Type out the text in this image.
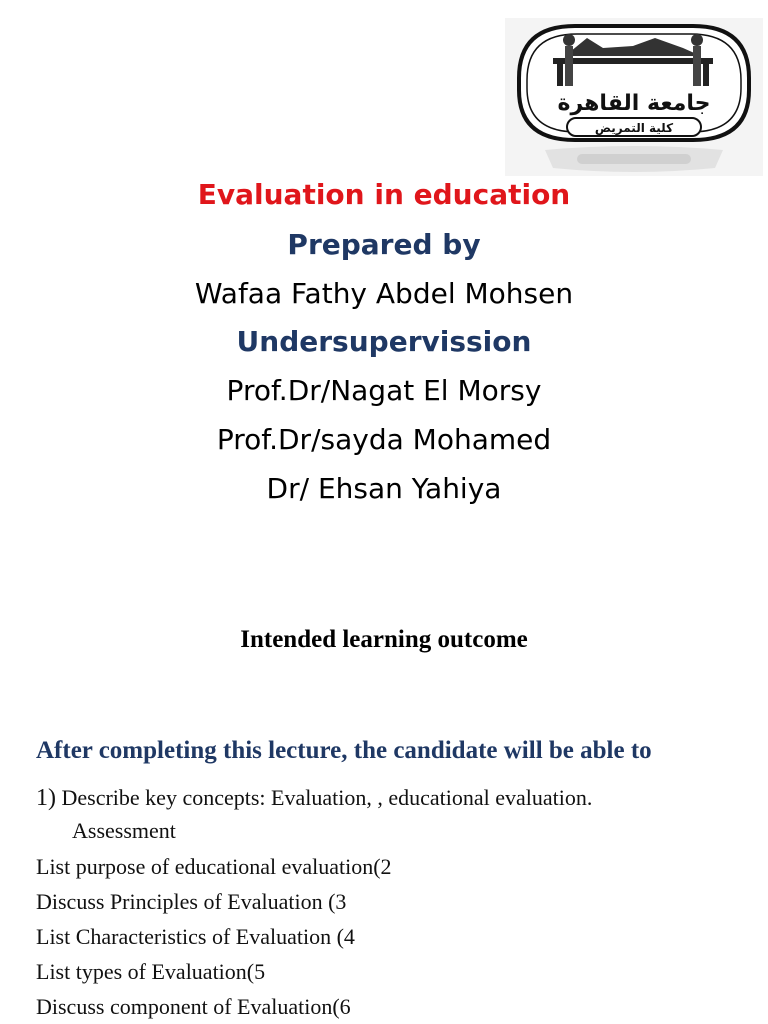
جامعة القاهرة
كلية التمريض
Evaluation in education
Prepared by
Wafaa Fathy Abdel Mohsen
Undersupervission
Prof.Dr/Nagat El Morsy
Prof.Dr/sayda Mohamed
Dr/ Ehsan Yahiya
Intended learning outcome
After completing this lecture, the candidate will be able to
1) Describe key concepts: Evaluation, , educational evaluation.
Assessment
List purpose of educational evaluation(2
Discuss Principles of Evaluation (3
List Characteristics of Evaluation (4
List types of Evaluation(5
Discuss component of Evaluation(6
